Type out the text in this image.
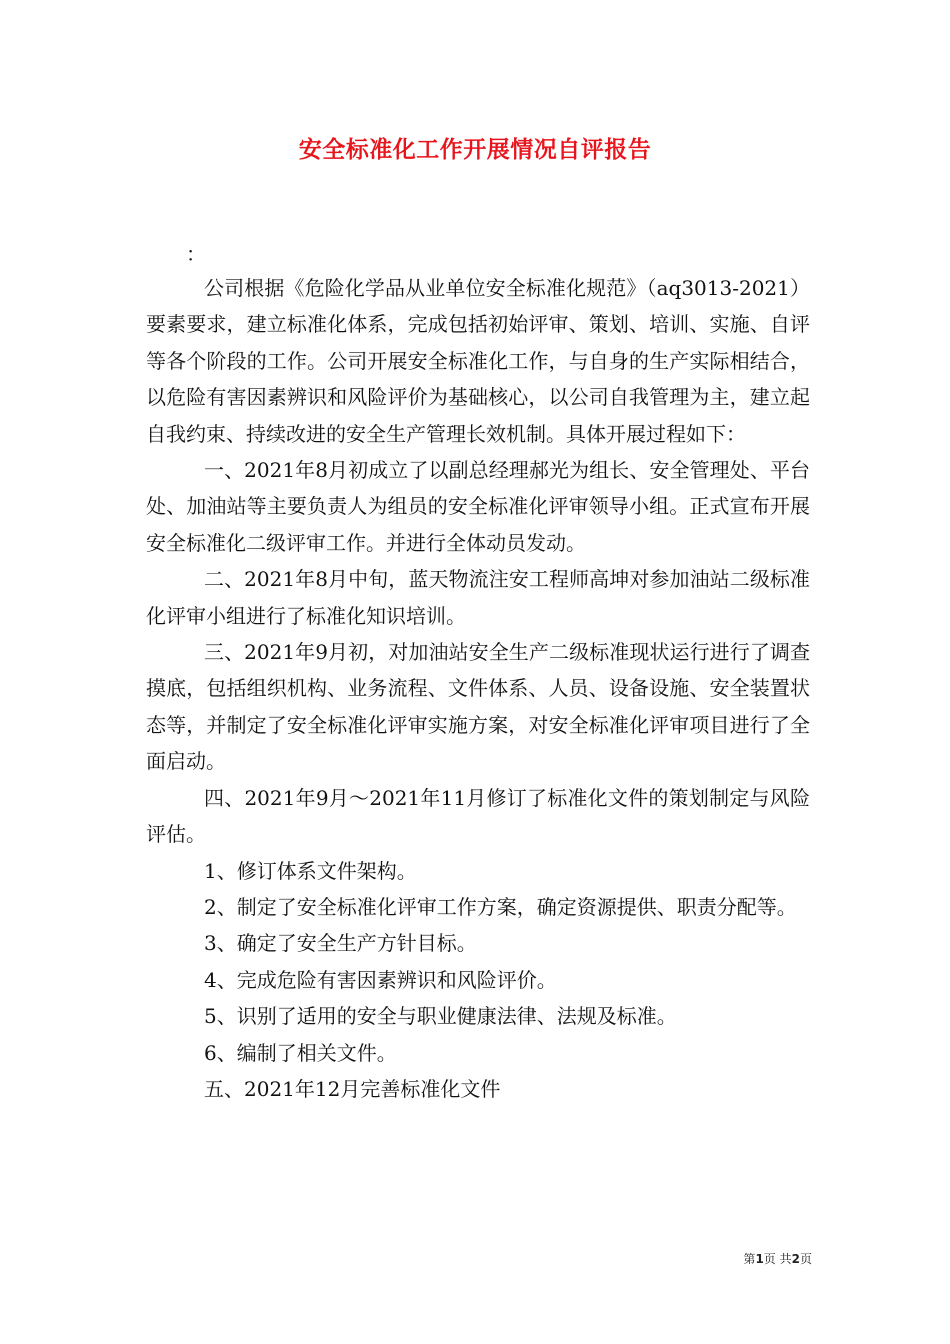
安全标准化工作开展情况自评报告
：

公司根据《危险化学品从业单位安全标准化规范》（aq3013-2021）要素要求，建立标准化体系，完成包括初始评审、策划、培训、实施、自评等各个阶段的工作。公司开展安全标准化工作，与自身的生产实际相结合，以危险有害因素辨识和风险评价为基础核心，以公司自我管理为主，建立起自我约束、持续改进的安全生产管理长效机制。具体开展过程如下：

一、2021年8月初成立了以副总经理郝光为组长、安全管理处、平台处、加油站等主要负责人为组员的安全标准化评审领导小组。正式宣布开展安全标准化二级评审工作。并进行全体动员发动。

二、2021年8月中旬，蓝天物流注安工程师高坤对参加油站二级标准化评审小组进行了标准化知识培训。

三、2021年9月初，对加油站安全生产二级标准现状运行进行了调查摸底，包括组织机构、业务流程、文件体系、人员、设备设施、安全装置状态等，并制定了安全标准化评审实施方案，对安全标准化评审项目进行了全面启动。

四、2021年9月～2021年11月修订了标准化文件的策划制定与风险评估。

1、修订体系文件架构。

2、制定了安全标准化评审工作方案，确定资源提供、职责分配等。

3、确定了安全生产方针目标。

4、完成危险有害因素辨识和风险评价。

5、识别了适用的安全与职业健康法律、法规及标准。

6、编制了相关文件。

五、2021年12月完善标准化文件

第1页 共2页
